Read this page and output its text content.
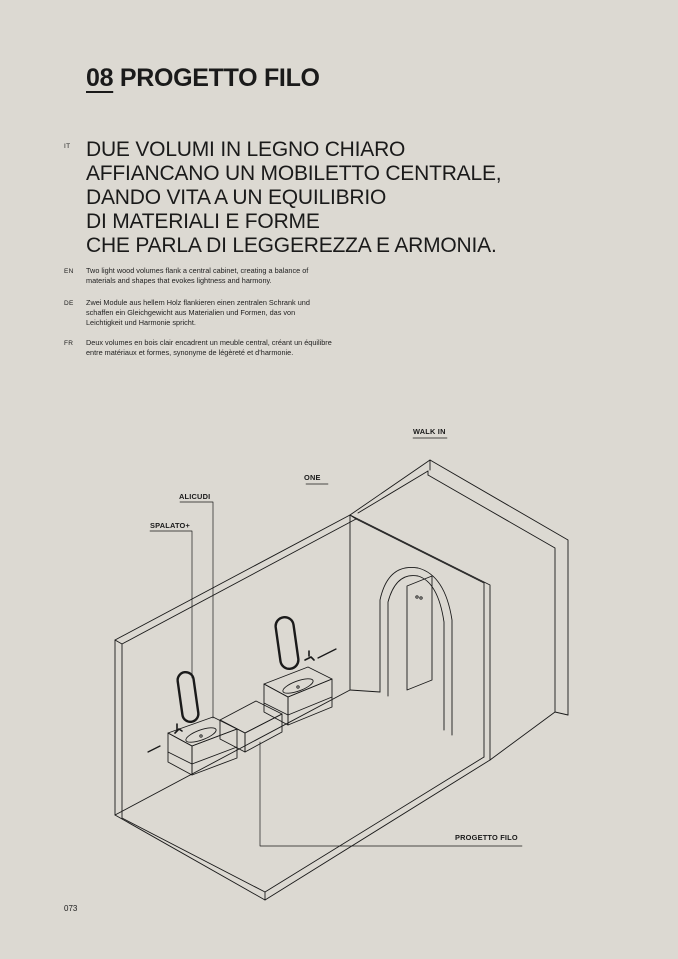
08 PROGETTO FILO
IT DUE VOLUMI IN LEGNO CHIARO
AFFIANCANO UN MOBILETTO CENTRALE,
DANDO VITA A UN EQUILIBRIO
DI MATERIALI E FORME
CHE PARLA DI LEGGEREZZA E ARMONIA.
EN Two light wood volumes flank a central cabinet, creating a balance of
materials and shapes that evokes lightness and harmony.

DE Zwei Module aus hellem Holz flankieren einen zentralen Schrank und
schaffen ein Gleichgewicht aus Materialien und Formen, das von
Leichtigkeit und Harmonie spricht.

FR Deux volumes en bois clair encadrent un meuble central, créant un équilibre
entre matériaux et formes, synonyme de légèreté et d’harmonie.

WALK IN
ONE
ALICUDI
SPALATO+
PROGETTO FILO
073
